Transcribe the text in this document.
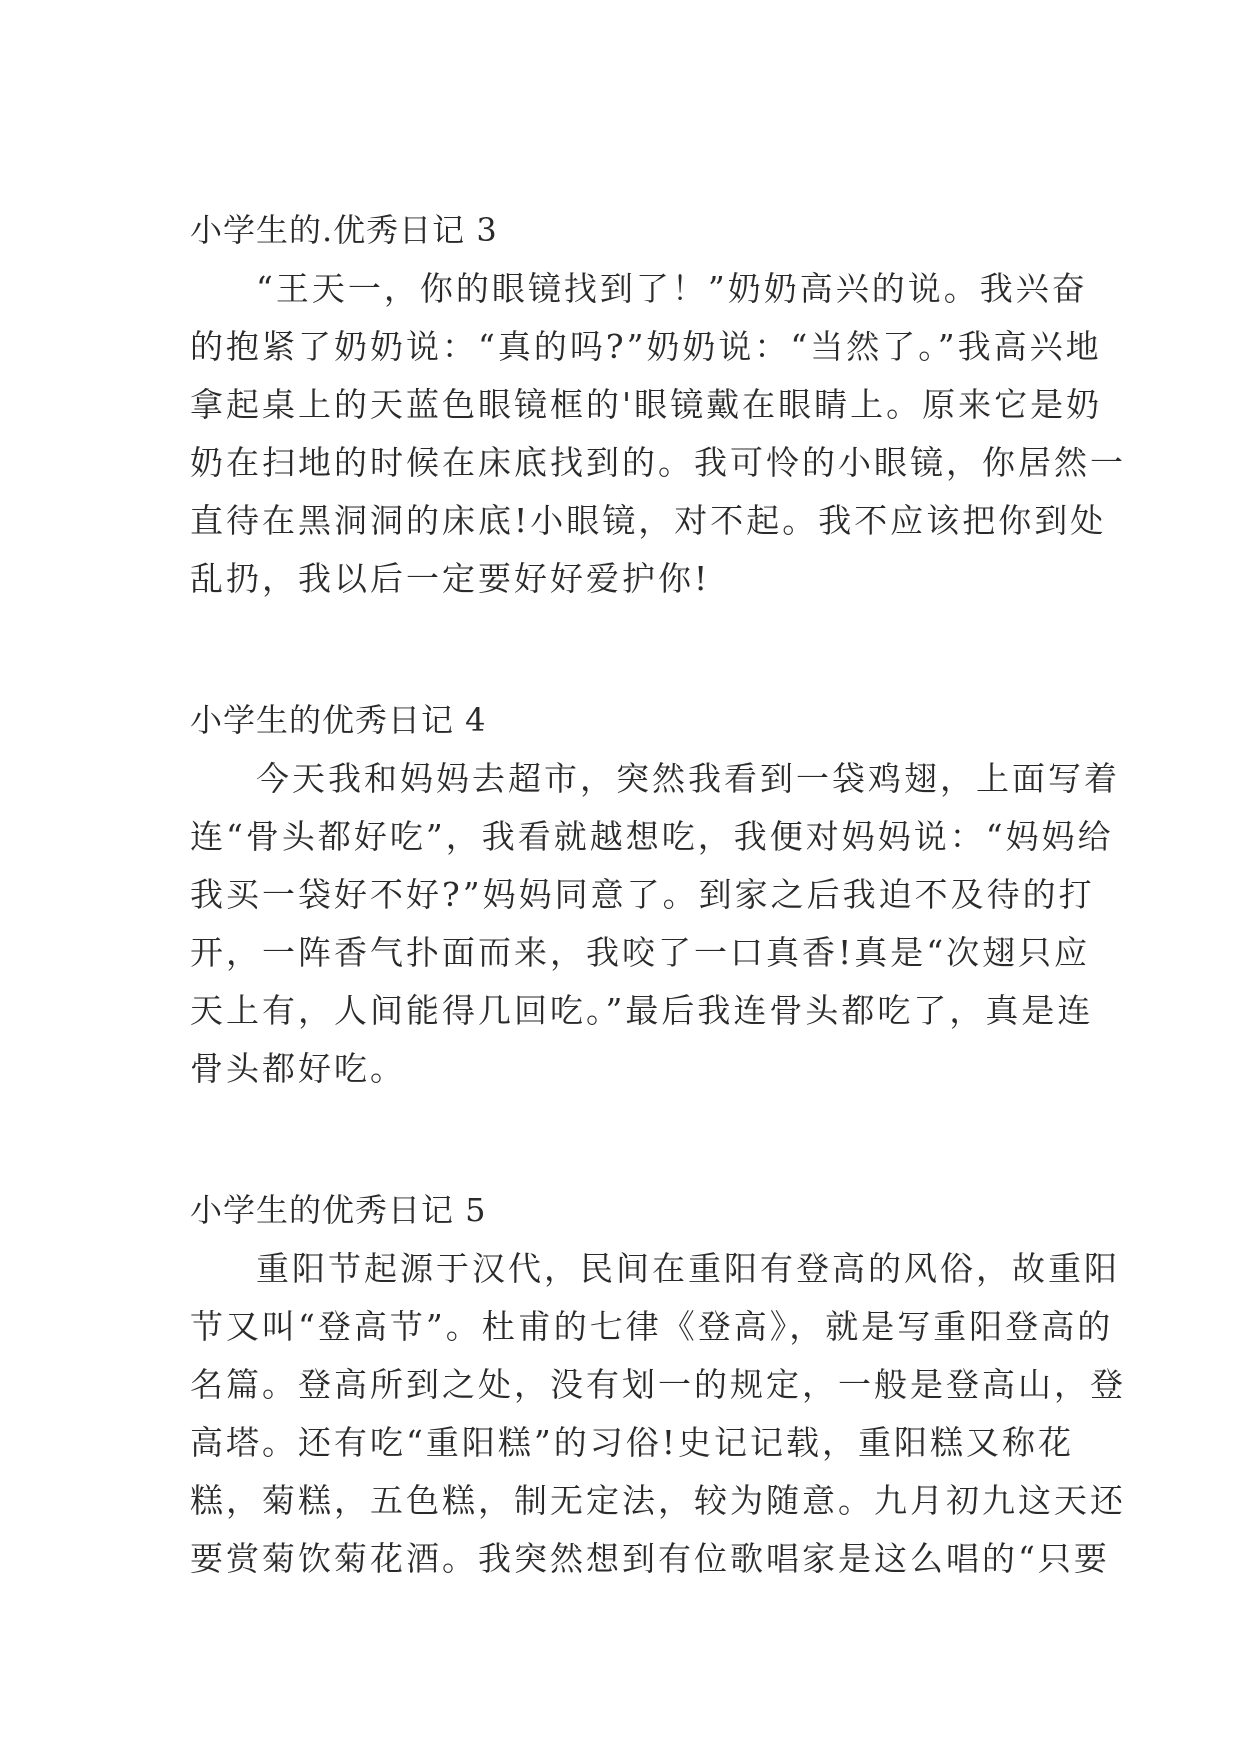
小学生的.优秀日记 3

“王天一，你的眼镜找到了！”奶奶高兴的说。我兴奋
的抱紧了奶奶说：“真的吗?”奶奶说：“当然了。”我高兴地
拿起桌上的天蓝色眼镜框的'眼镜戴在眼睛上。原来它是奶
奶在扫地的时候在床底找到的。我可怜的小眼镜，你居然一
直待在黑洞洞的床底!小眼镜，对不起。我不应该把你到处
乱扔，我以后一定要好好爱护你!

小学生的优秀日记 4

今天我和妈妈去超市，突然我看到一袋鸡翅，上面写着
连“骨头都好吃”，我看就越想吃，我便对妈妈说：“妈妈给
我买一袋好不好?”妈妈同意了。到家之后我迫不及待的打
开，一阵香气扑面而来，我咬了一口真香!真是“次翅只应
天上有，人间能得几回吃。”最后我连骨头都吃了，真是连
骨头都好吃。

小学生的优秀日记 5

重阳节起源于汉代，民间在重阳有登高的风俗，故重阳
节又叫“登高节”。杜甫的七律《登高》，就是写重阳登高的
名篇。登高所到之处，没有划一的规定，一般是登高山，登
高塔。还有吃“重阳糕”的习俗!史记记载，重阳糕又称花
糕，菊糕，五色糕，制无定法，较为随意。九月初九这天还
要赏菊饮菊花酒。我突然想到有位歌唱家是这么唱的“只要
